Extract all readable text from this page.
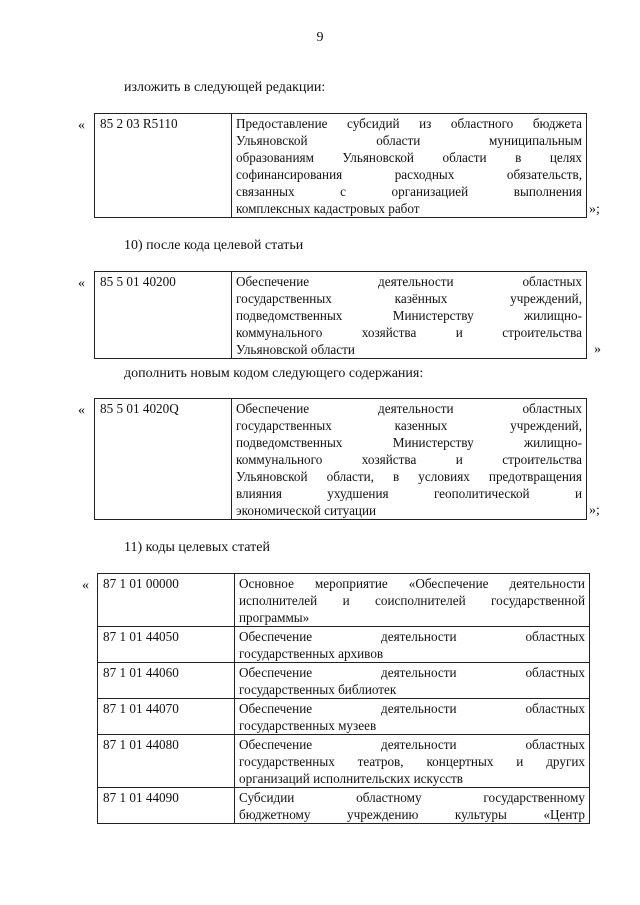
9
изложить в следующей редакции:
« 85 2 03 R5110	Предоставление субсидий из областного бюджета
Ульяновской области муниципальным
образованиям Ульяновской области в целях
софинансирования расходных обязательств,
связанных с организацией выполнения
комплексных кадастровых работ	»;
10) после кода целевой статьи
« 85 5 01 40200	Обеспечение деятельности областных
государственных казённых учреждений,
подведомственных Министерству жилищно-
коммунального хозяйства и строительства
Ульяновской области	»
дополнить новым кодом следующего содержания:
« 85 5 01 4020Q	Обеспечение деятельности областных
государственных казенных учреждений,
подведомственных Министерству жилищно-
коммунального хозяйства и строительства
Ульяновской области, в условиях предотвращения
влияния ухудшения геополитической и
экономической ситуации	»;
11) коды целевых статей
« 87 1 01 00000	Основное мероприятие «Обеспечение деятельности
исполнителей и соисполнителей государственной
программы»

87 1 01 44050	Обеспечение деятельности областных
государственных архивов

87 1 01 44060	Обеспечение деятельности областных
государственных библиотек

87 1 01 44070	Обеспечение деятельности областных
государственных музеев

87 1 01 44080	Обеспечение деятельности областных
государственных театров, концертных и других
организаций исполнительских искусств

87 1 01 44090	Субсидии областному государственному
бюджетному учреждению культуры «Центр
